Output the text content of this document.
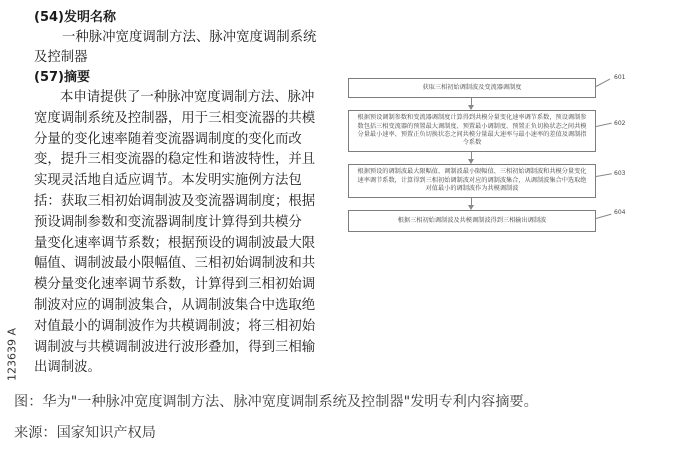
(54)发明名称
一种脉冲宽度调制方法、脉冲宽度调制系统
及控制器
(57)摘要
本申请提供了一种脉冲宽度调制方法、脉冲
宽度调制系统及控制器，用于三相变流器的共模
分量的变化速率随着变流器调制度的变化而改
变，提升三相变流器的稳定性和谐波特性，并且
实现灵活地自适应调节。本发明实施例方法包
括：获取三相初始调制波及变流器调制度；根据
预设调制参数和变流器调制度计算得到共模分
量变化速率调节系数；根据预设的调制波最大限
幅值、调制波最小限幅值、三相初始调制波和共
模分量变化速率调节系数，计算得到三相初始调
制波对应的调制波集合，从调制波集合中选取绝
对值最小的调制波作为共模调制波；将三相初始
调制波与共模调制波进行波形叠加，得到三相输
出调制波。
123639 A
获取三相初始调制波及变流器调制度
601
根据预设调制参数和变流器调制度计算得到共模分量变化速率调节系数，预设调制参数包括三相变流器的预置最大调制度、预置最小调制度、预置正负切换状态之间共模分量最小速率、预置正负切换状态之间共模分量最大速率与最小速率的差值及调制指令系数
602
根据预设的调制波最大限幅值、调制波最小限幅值、三相初始调制波和共模分量变化速率调节系数，计算得到三相初始调制波对应的调制波集合，从调制波集合中选取绝对值最小的调制波作为共模调制波
603
根据三相初始调制波及共模调制波得到三相输出调制波
604
图：华为"一种脉冲宽度调制方法、脉冲宽度调制系统及控制器"发明专利内容摘要。
来源：国家知识产权局
